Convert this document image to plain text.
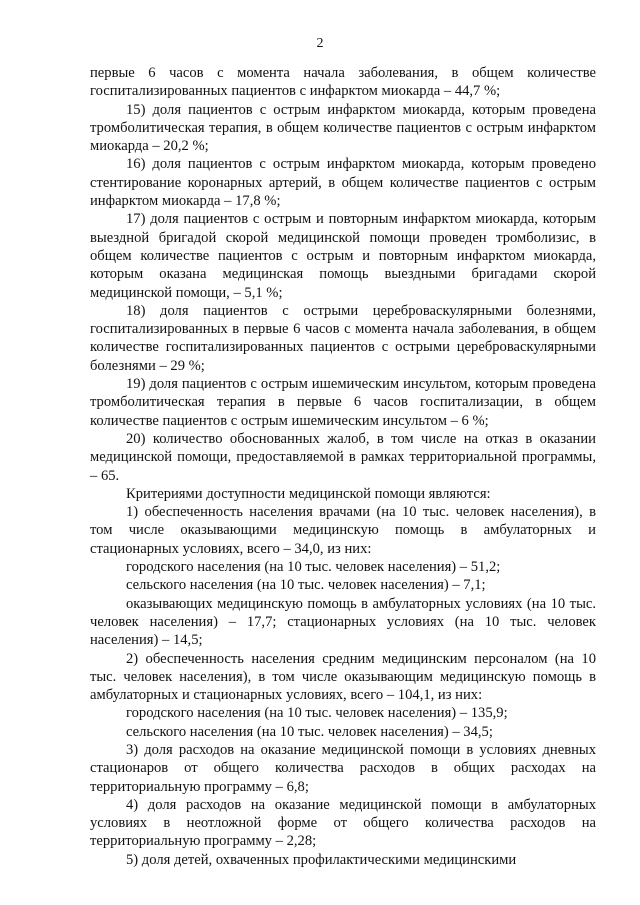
2

первые 6 часов с момента начала заболевания, в общем количестве госпитализированных пациентов с инфарктом миокарда – 44,7 %;

15) доля пациентов с острым инфарктом миокарда, которым проведена тромболитическая терапия, в общем количестве пациентов с острым инфарктом миокарда – 20,2 %;

16) доля пациентов с острым инфарктом миокарда, которым проведено стентирование коронарных артерий, в общем количестве пациентов с острым инфарктом миокарда – 17,8 %;

17) доля пациентов с острым и повторным инфарктом миокарда, которым выездной бригадой скорой медицинской помощи проведен тромболизис, в общем количестве пациентов с острым и повторным инфарктом миокарда, которым оказана медицинская помощь выездными бригадами скорой медицинской помощи, – 5,1 %;

18) доля пациентов с острыми цереброваскулярными болезнями, госпитализированных в первые 6 часов с момента начала заболевания, в общем количестве госпитализированных пациентов с острыми цереброваскулярными болезнями – 29 %;

19) доля пациентов с острым ишемическим инсультом, которым проведена тромболитическая терапия в первые 6 часов госпитализации, в общем количестве пациентов с острым ишемическим инсультом – 6 %;

20) количество обоснованных жалоб, в том числе на отказ в оказании медицинской помощи, предоставляемой в рамках территориальной программы, – 65.

Критериями доступности медицинской помощи являются:

1) обеспеченность населения врачами (на 10 тыс. человек населения), в том числе оказывающими медицинскую помощь в амбулаторных и стационарных условиях, всего – 34,0, из них:

городского населения (на 10 тыс. человек населения) – 51,2;

сельского населения (на 10 тыс. человек населения) – 7,1;

оказывающих медицинскую помощь в амбулаторных условиях (на 10 тыс. человек населения) – 17,7; стационарных условиях (на 10 тыс. человек населения) – 14,5;

2) обеспеченность населения средним медицинским персоналом (на 10 тыс. человек населения), в том числе оказывающим медицинскую помощь в амбулаторных и стационарных условиях, всего – 104,1, из них:

городского населения (на 10 тыс. человек населения) – 135,9;

сельского населения (на 10 тыс. человек населения) – 34,5;

3) доля расходов на оказание медицинской помощи в условиях дневных стационаров от общего количества расходов в общих расходах на территориальную программу – 6,8;

4) доля расходов на оказание медицинской помощи в амбулаторных условиях в неотложной форме от общего количества расходов на территориальную программу – 2,28;

5) доля детей, охваченных профилактическими медицинскими
